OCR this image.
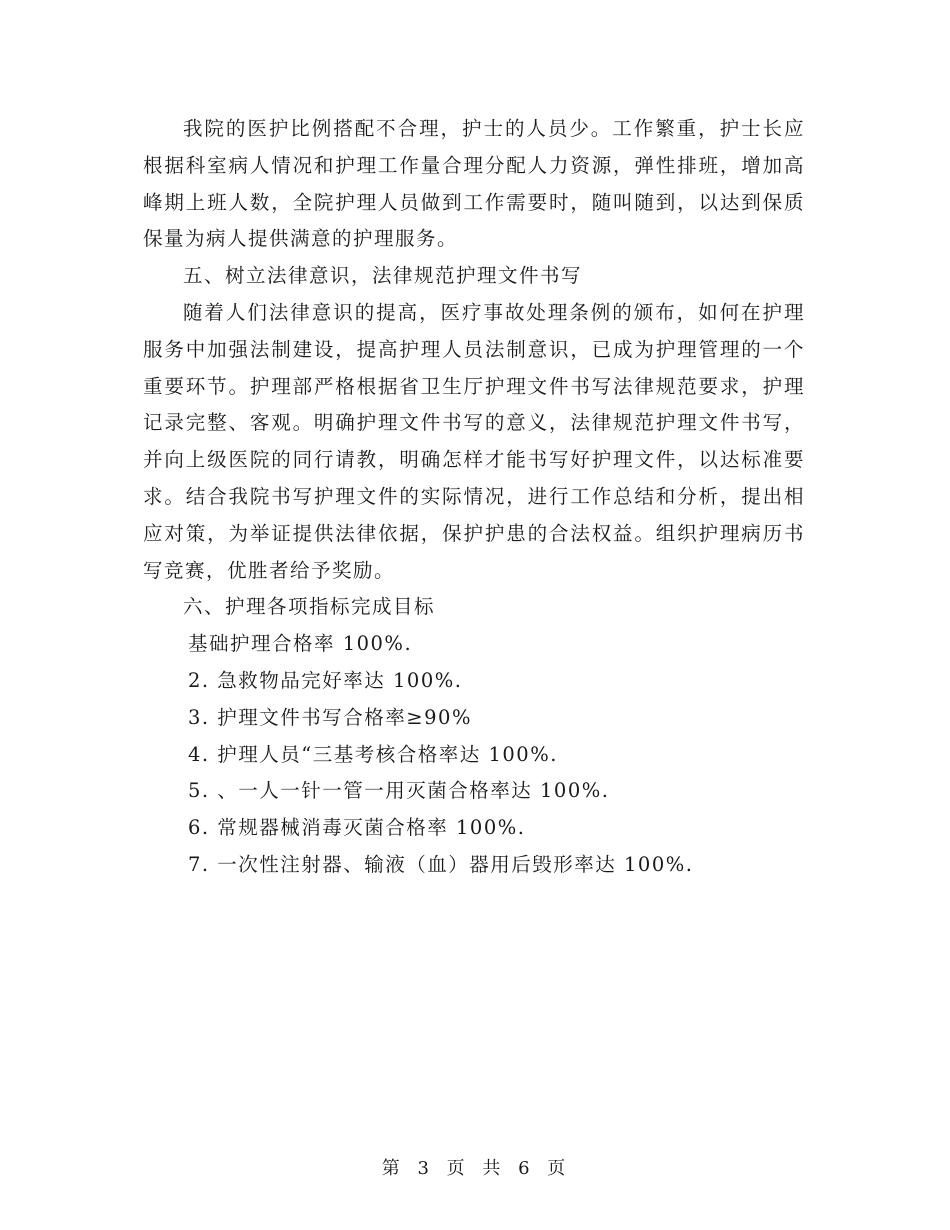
我院的医护比例搭配不合理，护士的人员少。工作繁重，护士长应根据科室病人情况和护理工作量合理分配人力资源，弹性排班，增加高峰期上班人数，全院护理人员做到工作需要时，随叫随到，以达到保质保量为病人提供满意的护理服务。

五、树立法律意识，法律规范护理文件书写

随着人们法律意识的提高，医疗事故处理条例的颁布，如何在护理服务中加强法制建设，提高护理人员法制意识，已成为护理管理的一个重要环节。护理部严格根据省卫生厅护理文件书写法律规范要求，护理记录完整、客观。明确护理文件书写的意义，法律规范护理文件书写，并向上级医院的同行请教，明确怎样才能书写好护理文件，以达标准要求。结合我院书写护理文件的实际情况，进行工作总结和分析，提出相应对策，为举证提供法律依据，保护护患的合法权益。组织护理病历书写竞赛，优胜者给予奖励。

六、护理各项指标完成目标

基础护理合格率 100%.

2. 急救物品完好率达 100%.

3. 护理文件书写合格率≥90%

4. 护理人员“三基考核合格率达 100%.

5. 、一人一针一管一用灭菌合格率达 100%.

6. 常规器械消毒灭菌合格率 100%.

7. 一次性注射器、输液（血）器用后毁形率达 100%.

第 3 页 共 6 页
